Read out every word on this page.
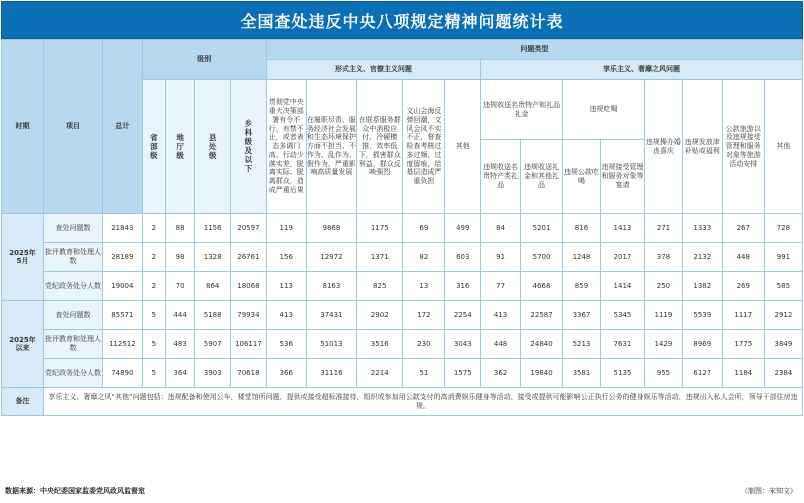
全国查处违反中央八项规定精神问题统计表
时期	项目	总计	级别				问题类型												
							形式主义、官僚主义问题					享乐主义、奢靡之风问题							
			省部级	地厅级	县处级	乡科级及以下	贯彻党中央重大决策部署有令不行、有禁不止，或者表态多调门高、行动少落实差，脱离实际、脱离群众，造成严重后果	在履职尽责、服务经济社会发展和生态环境保护方面不担当、不作为、乱作为、假作为，严重影响高质量发展	在联系服务群众中消极应付、冷硬横推、效率低下，损害群众利益，群众反映强烈	文山会海反弹回潮，文风会风不实不正，督查检查考核过多过频、过度留痕，给基层造成严重负担	其他	违规收送名贵特产和礼品礼金		违规吃喝		违规操办婚丧喜庆	违规发放津补贴或福利	公款旅游以及违规接受管理和服务对象等旅游活动安排	其他
												违规收送名贵特产类礼品	违规收送礼金和其他礼品	违规公款吃喝	违规接受管理和服务对象等宴请				
2025年5月	查处问题数	21843	2	88	1156	20597	119	9868	1175	69	499	84	5201	816	1413	271	1333	267	728
	批评教育和处理人数	28189	2	98	1328	26761	156	12972	1371	82	603	91	5700	1248	2017	378	2132	448	991
	党纪政务处分人数	19004	2	70	864	18068	113	8163	825	13	316	77	4668	859	1414	250	1382	269	585
2025年以来	查处问题数	85571	5	444	5188	79934	413	37431	2902	172	2254	413	22587	3367	5345	1119	5539	1117	2912
	批评教育和处理人数	112512	5	483	5907	106117	536	51013	3516	230	3043	448	24840	5213	7631	1429	8969	1775	3849
	党纪政务处分人数	74890	5	364	3903	70618	366	31116	2214	51	1575	362	19840	3581	5135	955	6127	1184	2384
备注	享乐主义、奢靡之风“其他”问题包括：违规配备和使用公车，楼堂馆所问题，提供或接受超标准接待，组织或参加用公款支付的高消费娱乐健身等活动，接受或提供可能影响公正执行公务的健身娱乐等活动，违规出入私人会所，领导干部住房违规。																		
数据来源：中央纪委国家监委党风政风监督室	（制图：宋知文）
